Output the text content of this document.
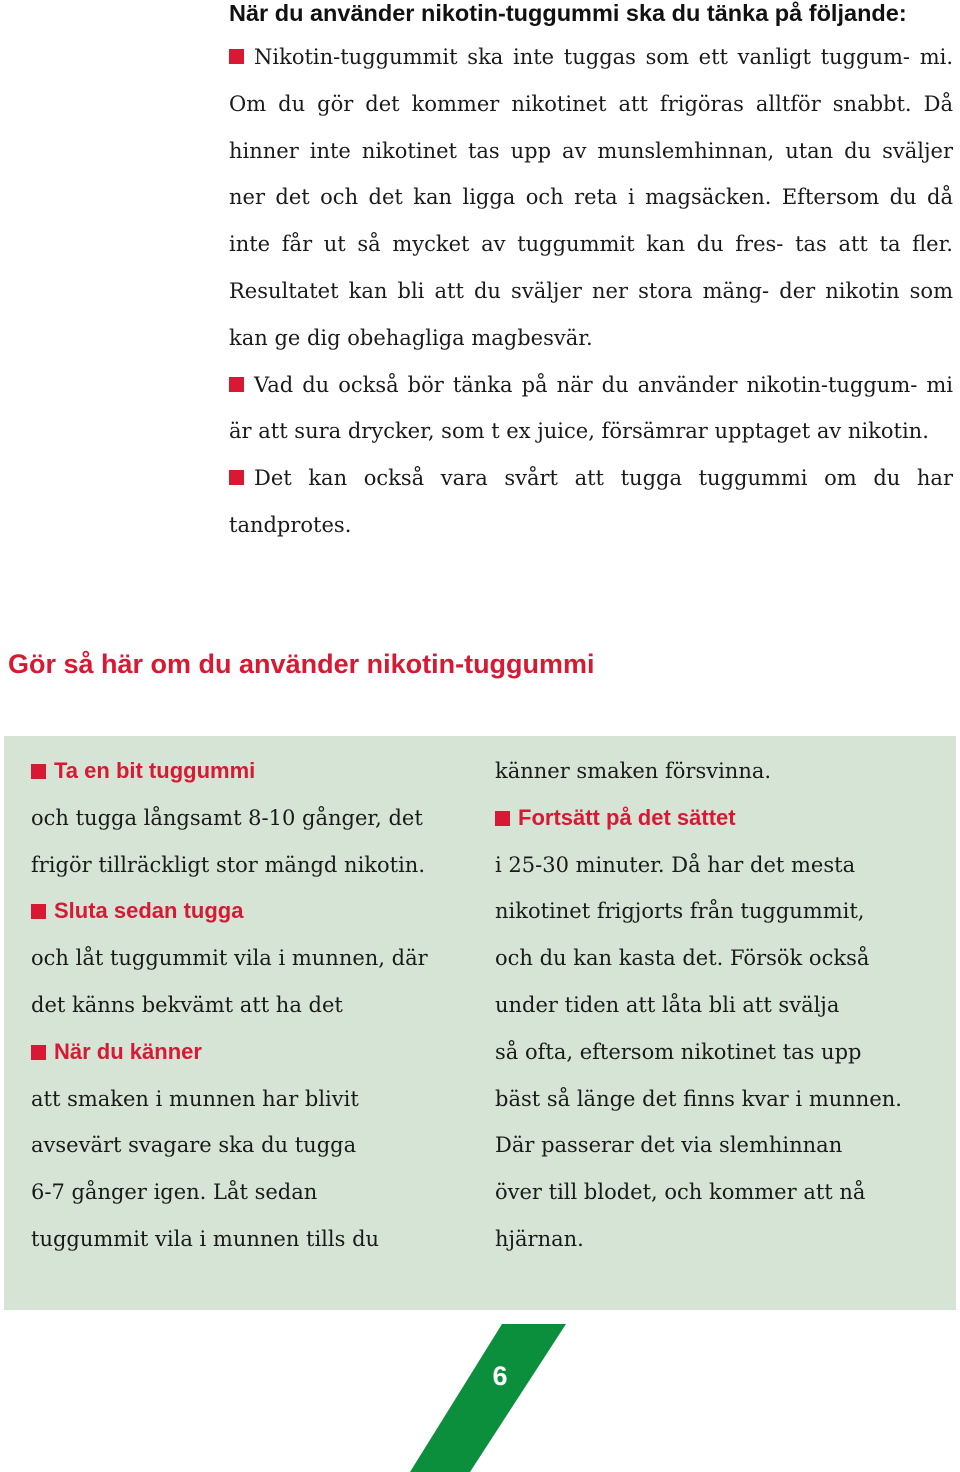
När du använder nikotin-tuggummi ska du tänka på följande:

Nikotin-tuggummit ska inte tuggas som ett vanligt tuggum- mi. Om du gör det kommer nikotinet att frigöras alltför snabbt. Då hinner inte nikotinet tas upp av munslemhinnan, utan du sväljer ner det och det kan ligga och reta i magsäcken. Eftersom du då inte får ut så mycket av tuggummit kan du fres- tas att ta fler. Resultatet kan bli att du sväljer ner stora mäng- der nikotin som kan ge dig obehagliga magbesvär.

Vad du också bör tänka på när du använder nikotin-tuggum- mi är att sura drycker, som t ex juice, försämrar upptaget av nikotin.

Det kan också vara svårt att tugga tuggummi om du har tandprotes.

Gör så här om du använder nikotin-tuggummi

Ta en bit tuggummi

och tugga långsamt 8-10 gånger, det

frigör tillräckligt stor mängd nikotin.

Sluta sedan tugga

och låt tuggummit vila i munnen, där

det känns bekvämt att ha det

När du känner

att smaken i munnen har blivit

avsevärt svagare ska du tugga

6-7 gånger igen. Låt sedan

tuggummit vila i munnen tills du

känner smaken försvinna.

Fortsätt på det sättet

i 25-30 minuter. Då har det mesta

nikotinet frigjorts från tuggummit,

och du kan kasta det. Försök också

under tiden att låta bli att svälja

så ofta, eftersom nikotinet tas upp

bäst så länge det finns kvar i munnen.

Där passerar det via slemhinnan

över till blodet, och kommer att nå

hjärnan.

6
